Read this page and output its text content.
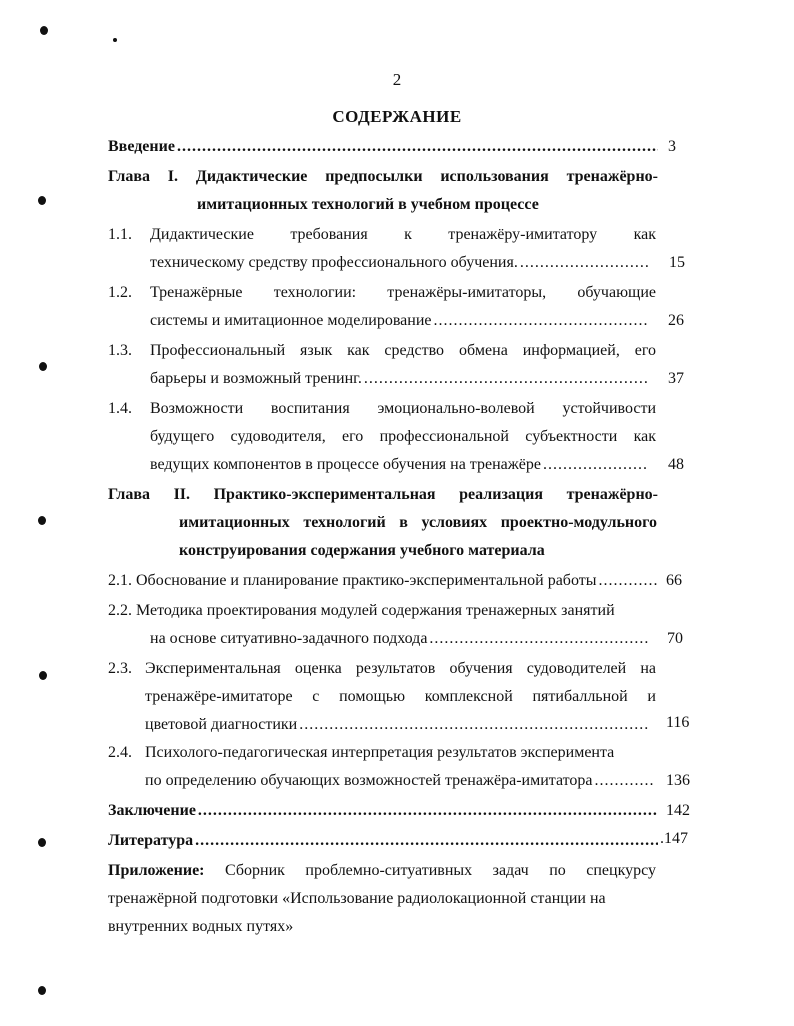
2
СОДЕРЖАНИЕ
Введение .....	3
Глава I. Дидактические предпосылки использования тренажёрно-
имитационных технологий в учебном процессе
1.1.	Дидактические требования к тренажёру-имитатору как
техническому средству профессионального обучения. .....	15
1.2.	Тренажёрные технологии: тренажёры-имитаторы, обучающие
системы и имитационное моделирование .....	26
1.3.	Профессиональный язык как средство обмена информацией, его
барьеры и возможный тренинг. .....	37
1.4.	Возможности воспитания эмоционально-волевой устойчивости
будущего судоводителя, его профессиональной субъектности как
ведущих компонентов в процессе обучения на тренажёре .....	48
Глава II. Практико-экспериментальная реализация тренажёрно-
имитационных технологий в условиях проектно-модульного
конструирования содержания учебного материала
2.1. Обоснование и планирование практико-экспериментальной работы .....	66
2.2. Методика проектирования модулей содержания тренажерных занятий
на основе ситуативно-задачного подхода .....	70
2.3. Экспериментальная оценка результатов обучения судоводителей на
тренажёре-имитаторе с помощью комплексной пятибалльной и
цветовой диагностики .....	116
2.4. Психолого-педагогическая интерпретация результатов эксперимента
по определению обучающих возможностей тренажёра-имитатора .....	136
Заключение .....	142
Литература .....	.147
Приложение: Сборник проблемно-ситуативных задач по спецкурсу
тренажёрной подготовки «Использование радиолокационной станции на
внутренних водных путях»
